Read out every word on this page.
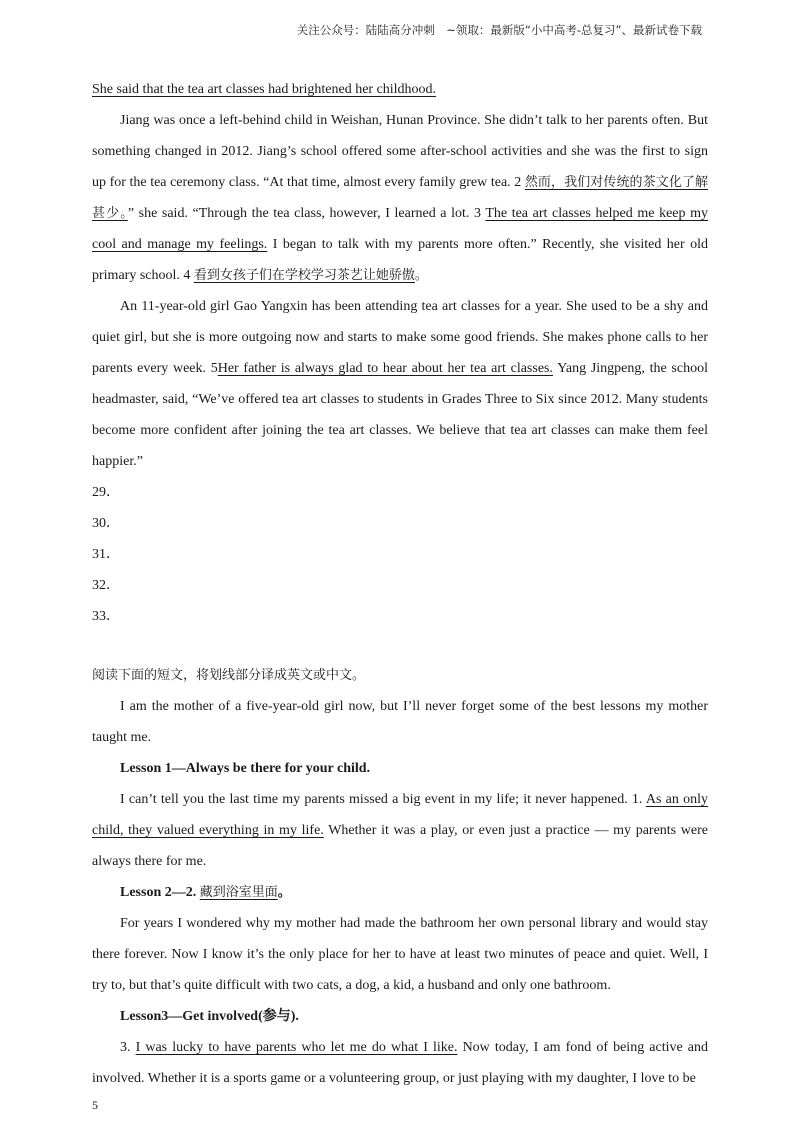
关注公众号：陆陆高分冲刺　~领取：最新版“小中高考-总复习”、最新试卷下载

She said that the tea art classes had brightened her childhood.

Jiang was once a left-behind child in Weishan, Hunan Province. She didn’t talk to her parents often. But something changed in 2012. Jiang’s school offered some after-school activities and she was the first to sign up for the tea ceremony class. “At that time, almost every family grew tea. 2 然而，我们对传统的茶文化了解甚少。” she said. “Through the tea class, however, I learned a lot. 3 The tea art classes helped me keep my cool and manage my feelings. I began to talk with my parents more often.” Recently, she visited her old primary school. 4 看到女孩子们在学校学习茶艺让她骄傲。

An 11-year-old girl Gao Yangxin has been attending tea art classes for a year. She used to be a shy and quiet girl, but she is more outgoing now and starts to make some good friends. She makes phone calls to her parents every week. 5Her father is always glad to hear about her tea art classes. Yang Jingpeng, the school headmaster, said, “We’ve offered tea art classes to students in Grades Three to Six since 2012. Many students become more confident after joining the tea art classes. We believe that tea art classes can make them feel happier.”

29．

30．

31．

32．

33．

阅读下面的短文，将划线部分译成英文或中文。

I am the mother of a five-year-old girl now, but I’ll never forget some of the best lessons my mother taught me.

Lesson 1—Always be there for your child.

I can’t tell you the last time my parents missed a big event in my life; it never happened. 1. As an only child, they valued everything in my life. Whether it was a play, or even just a practice — my parents were always there for me.

Lesson 2—2. 藏到浴室里面。

For years I wondered why my mother had made the bathroom her own personal library and would stay there forever. Now I know it’s the only place for her to have at least two minutes of peace and quiet. Well, I try to, but that’s quite difficult with two cats, a dog, a kid, a husband and only one bathroom.

Lesson3—Get involved(参与).

3. I was lucky to have parents who let me do what I like. Now today, I am fond of being active and involved. Whether it is a sports game or a volunteering group, or just playing with my daughter, I love to be

5
